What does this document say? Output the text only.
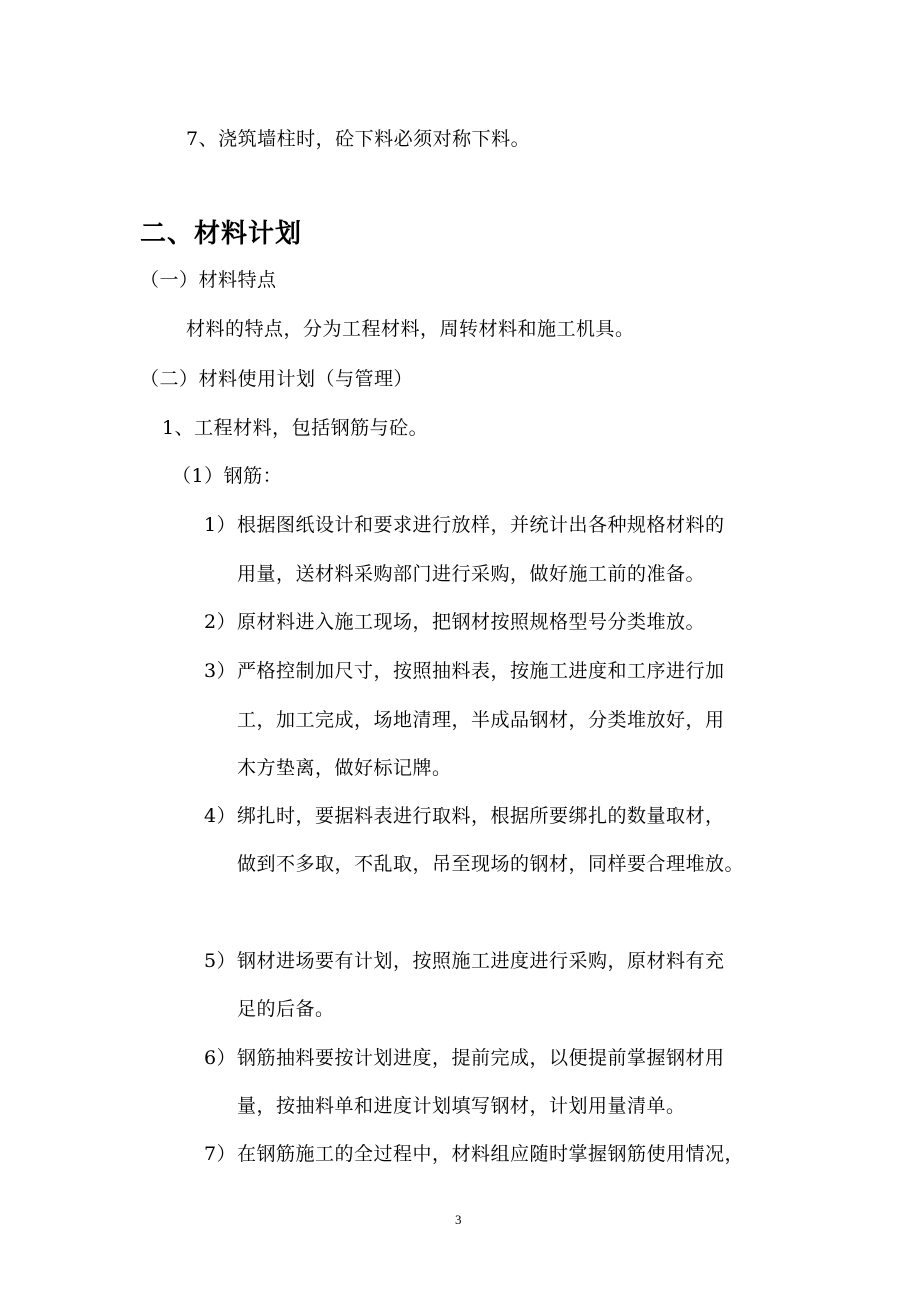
7、浇筑墙柱时，砼下料必须对称下料。
二、材料计划
（一）材料特点
材料的特点，分为工程材料，周转材料和施工机具。
（二）材料使用计划（与管理）
1、工程材料，包括钢筋与砼。
（1）钢筋：
1） 根据图纸设计和要求进行放样，并统计出各种规格材料的
用量，送材料采购部门进行采购，做好施工前的准备。
2） 原材料进入施工现场，把钢材按照规格型号分类堆放。
3） 严格控制加尺寸，按照抽料表，按施工进度和工序进行加
工，加工完成，场地清理，半成品钢材，分类堆放好，用
木方垫离，做好标记牌。
4） 绑扎时，要据料表进行取料，根据所要绑扎的数量取材，
做到不多取，不乱取，吊至现场的钢材，同样要合理堆放。
5） 钢材进场要有计划，按照施工进度进行采购，原材料有充
足的后备。
6） 钢筋抽料要按计划进度，提前完成，以便提前掌握钢材用
量，按抽料单和进度计划填写钢材，计划用量清单。
7） 在钢筋施工的全过程中，材料组应随时掌握钢筋使用情况，
3
